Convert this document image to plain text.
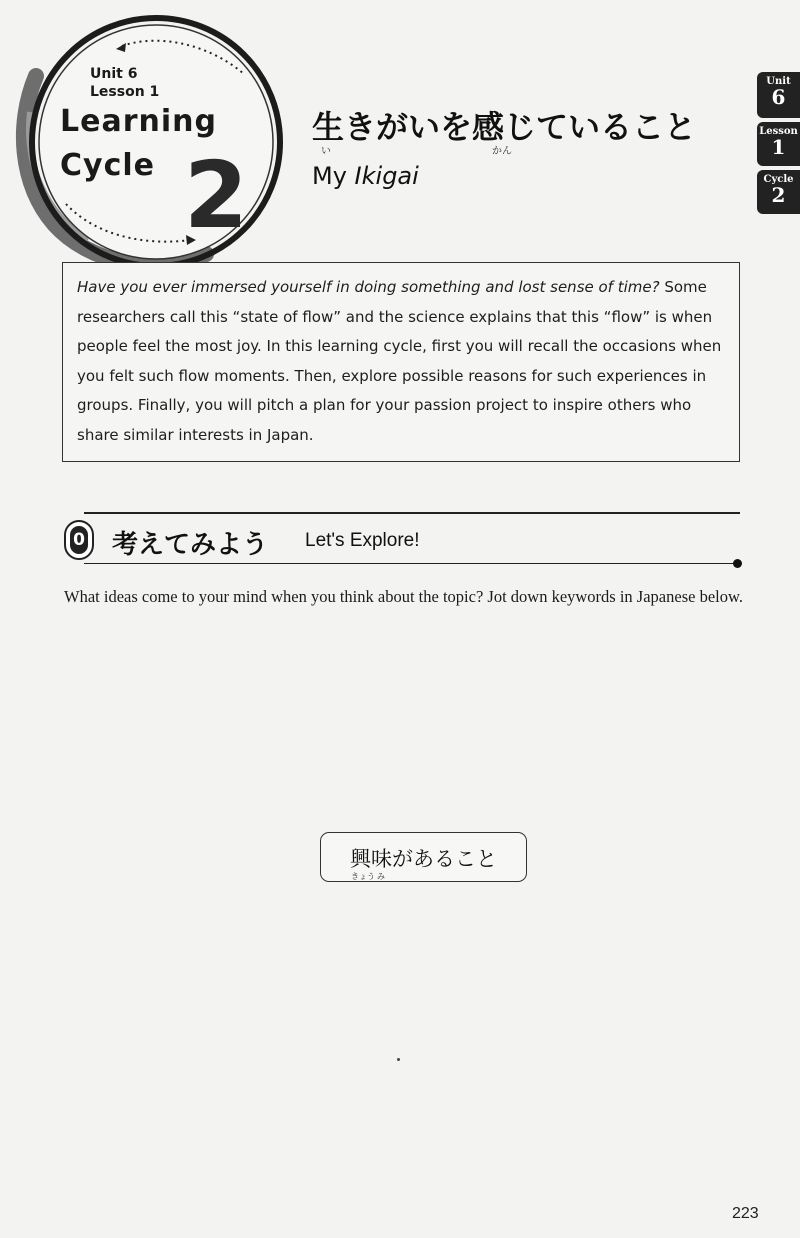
Unit 6
Lesson 1
Learning
Cycle 2
生きがいを感じていること
い	かん
My Ikigai
Unit
6
Lesson
1
Cycle
2
Have you ever immersed yourself in doing something and lost sense of time? Some researchers call this “state of flow” and the science explains that this “flow” is when people feel the most joy. In this learning cycle, first you will recall the occasions when you felt such flow moments. Then, explore possible reasons for such experiences in groups. Finally, you will pitch a plan for your passion project to inspire others who share similar interests in Japan.
0 考えてみよう Let's Explore!
What ideas come to your mind when you think about the topic? Jot down keywords in Japanese below.
興味があること
きょう み
223
